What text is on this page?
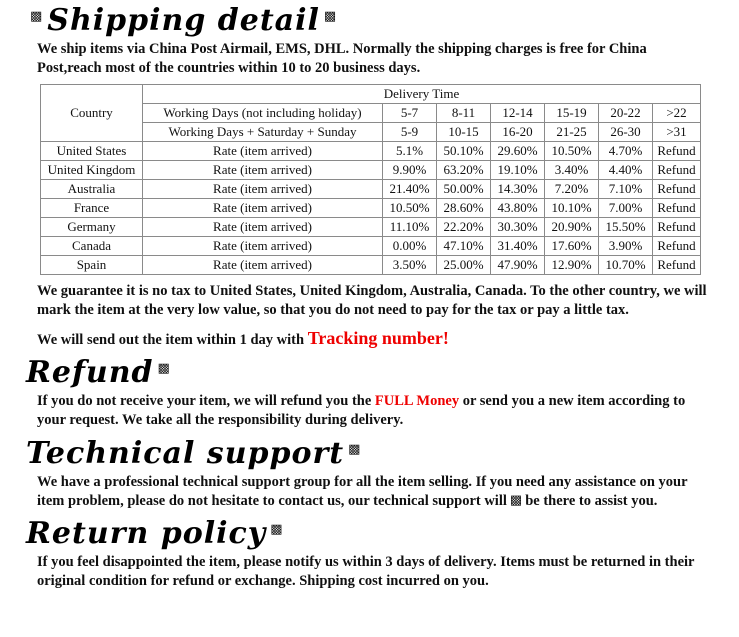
▩ Shipping detail ▩

We ship items via China Post Airmail, EMS, DHL. Normally the shipping charges is free for China Post,reach most of the countries within 10 to 20 business days.

Country	Delivery Time						
	Working Days (not including holiday)	5-7	8-11	12-14	15-19	20-22	>22
	Working Days + Saturday + Sunday	5-9	10-15	16-20	21-25	26-30	>31
United States	Rate (item arrived)	5.1%	50.10%	29.60%	10.50%	4.70%	Refund
United Kingdom	Rate (item arrived)	9.90%	63.20%	19.10%	3.40%	4.40%	Refund
Australia	Rate (item arrived)	21.40%	50.00%	14.30%	7.20%	7.10%	Refund
France	Rate (item arrived)	10.50%	28.60%	43.80%	10.10%	7.00%	Refund
Germany	Rate (item arrived)	11.10%	22.20%	30.30%	20.90%	15.50%	Refund
Canada	Rate (item arrived)	0.00%	47.10%	31.40%	17.60%	3.90%	Refund
Spain	Rate (item arrived)	3.50%	25.00%	47.90%	12.90%	10.70%	Refund

We guarantee it is no tax to United States, United Kingdom, Australia, Canada. To the other country, we will mark the item at the very low value, so that you do not need to pay for the tax or pay a little tax.

We will send out the item within 1 day with Tracking number!

Refund ▩

If you do not receive your item, we will refund you the FULL Money or send you a new item according to your request. We take all the responsibility during delivery.

Technical support ▩

We have a professional technical support group for all the item selling. If you need any assistance on your item problem, please do not hesitate to contact us, our technical support will ▩ be there to assist you.

Return policy ▩

If you feel disappointed the item, please notify us within 3 days of delivery. Items must be returned in their original condition for refund or exchange. Shipping cost incurred on you.
